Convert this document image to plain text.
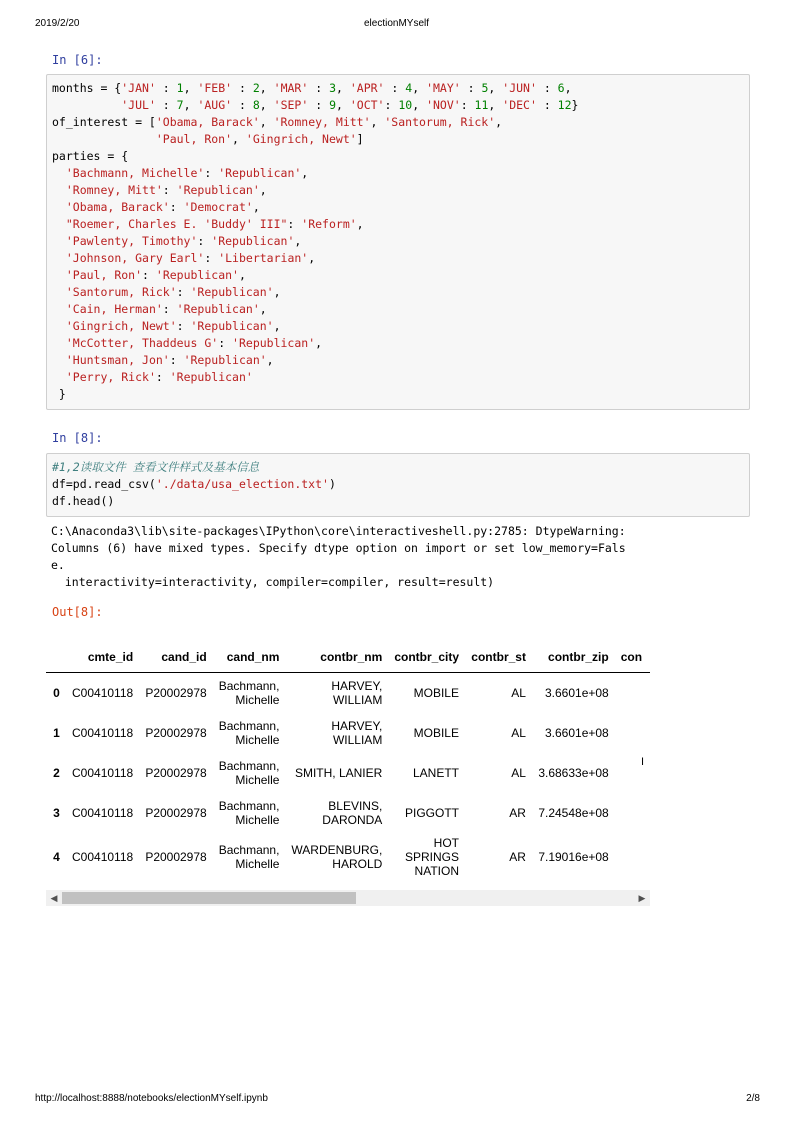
2019/2/20	electionMYself
In [6]:
months = {'JAN' : 1, 'FEB' : 2, 'MAR' : 3, 'APR' : 4, 'MAY' : 5, 'JUN' : 6,
'JUL' : 7, 'AUG' : 8, 'SEP' : 9, 'OCT': 10, 'NOV': 11, 'DEC' : 12}
of_interest = ['Obama, Barack', 'Romney, Mitt', 'Santorum, Rick',
'Paul, Ron', 'Gingrich, Newt']
parties = {
'Bachmann, Michelle': 'Republican',
'Romney, Mitt': 'Republican',
'Obama, Barack': 'Democrat',
"Roemer, Charles E. 'Buddy' III": 'Reform',
'Pawlenty, Timothy': 'Republican',
'Johnson, Gary Earl': 'Libertarian',
'Paul, Ron': 'Republican',
'Santorum, Rick': 'Republican',
'Cain, Herman': 'Republican',
'Gingrich, Newt': 'Republican',
'McCotter, Thaddeus G': 'Republican',
'Huntsman, Jon': 'Republican',
'Perry, Rick': 'Republican'
}
In [8]:
#1,2读取文件 查看文件样式及基本信息
df=pd.read_csv('./data/usa_election.txt')
df.head()
C:\Anaconda3\lib\site-packages\IPython\core\interactiveshell.py:2785: DtypeWarning:
Columns (6) have mixed types. Specify dtype option on import or set low_memory=Fals
e.
interactivity=interactivity, compiler=compiler, result=result)
Out[8]:
	cmte_id	cand_id	cand_nm	contbr_nm	contbr_city	contbr_st	contbr_zip	con
0	C00410118	P20002978	Bachmann, Michelle	HARVEY, WILLIAM	MOBILE	AL	3.6601e+08	
1	C00410118	P20002978	Bachmann, Michelle	HARVEY, WILLIAM	MOBILE	AL	3.6601e+08	
2	C00410118	P20002978	Bachmann, Michelle	SMITH, LANIER	LANETT	AL	3.68633e+08	
3	C00410118	P20002978	Bachmann, Michelle	BLEVINS, DARONDA	PIGGOTT	AR	7.24548e+08	
4	C00410118	P20002978	Bachmann, Michelle	WARDENBURG, HAROLD	HOT SPRINGS NATION	AR	7.19016e+08	
I​
◀	▶
http://localhost:8888/notebooks/electionMYself.ipynb	2/8
